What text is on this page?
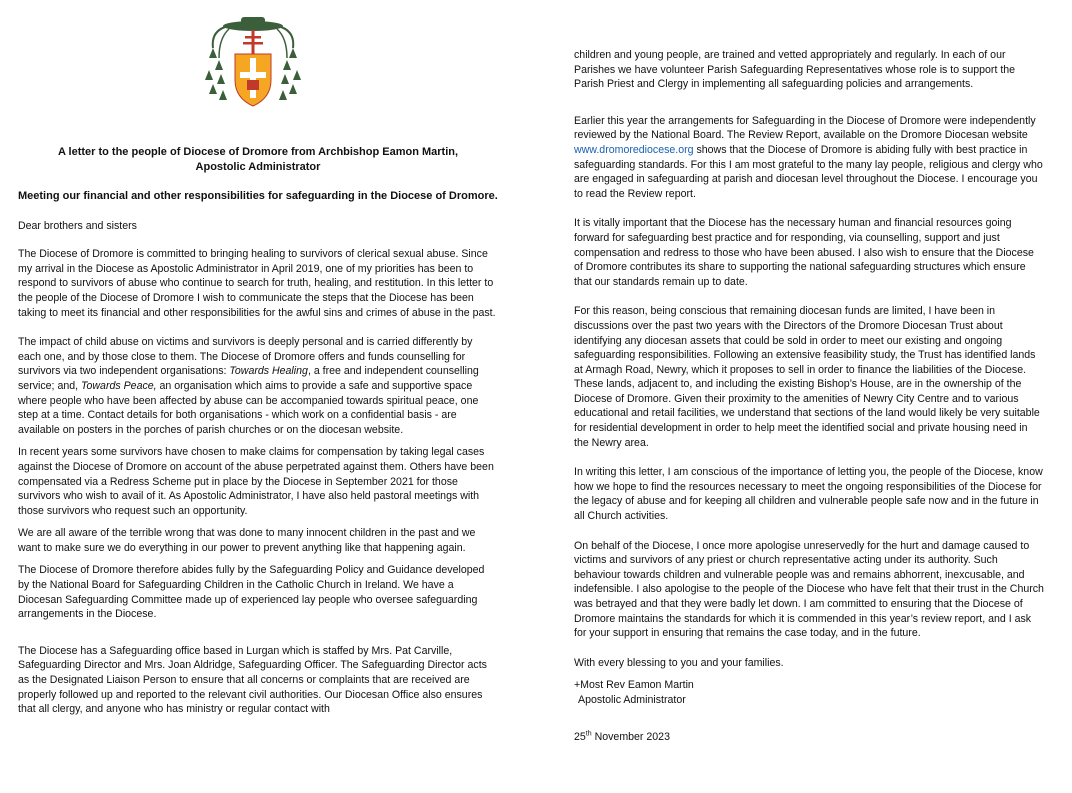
A letter to the people of Diocese of Dromore from Archbishop Eamon Martin,
Apostolic Administrator

Meeting our financial and other responsibilities for safeguarding in the Diocese of Dromore.

Dear brothers and sisters

The Diocese of Dromore is committed to bringing healing to survivors of clerical sexual abuse. Since my arrival in the Diocese as Apostolic Administrator in April 2019, one of my priorities has been to respond to survivors of abuse who continue to search for truth, healing, and restitution. In this letter to the people of the Diocese of Dromore I wish to communicate the steps that the Diocese has been taking to meet its financial and other responsibilities for the awful sins and crimes of abuse in the past.

The impact of child abuse on victims and survivors is deeply personal and is carried differently by each one, and by those close to them. The Diocese of Dromore offers and funds counselling for survivors via two independent organisations: Towards Healing, a free and independent counselling service; and, Towards Peace, an organisation which aims to provide a safe and supportive space where people who have been affected by abuse can be accompanied towards spiritual peace, one step at a time. Contact details for both organisations - which work on a confidential basis - are available on posters in the porches of parish churches or on the diocesan website.

In recent years some survivors have chosen to make claims for compensation by taking legal cases against the Diocese of Dromore on account of the abuse perpetrated against them. Others have been compensated via a Redress Scheme put in place by the Diocese in September 2021 for those survivors who wish to avail of it. As Apostolic Administrator, I have also held pastoral meetings with those survivors who request such an opportunity.

We are all aware of the terrible wrong that was done to many innocent children in the past and we want to make sure we do everything in our power to prevent anything like that happening again.

The Diocese of Dromore therefore abides fully by the Safeguarding Policy and Guidance developed by the National Board for Safeguarding Children in the Catholic Church in Ireland. We have a Diocesan Safeguarding Committee made up of experienced lay people who oversee safeguarding arrangements in the Diocese.

The Diocese has a Safeguarding office based in Lurgan which is staffed by Mrs. Pat Carville, Safeguarding Director and Mrs. Joan Aldridge, Safeguarding Officer. The Safeguarding Director acts as the Designated Liaison Person to ensure that all concerns or complaints that are received are properly followed up and reported to the relevant civil authorities. Our Diocesan Office also ensures that all clergy, and anyone who has ministry or regular contact with

children and young people, are trained and vetted appropriately and regularly. In each of our Parishes we have volunteer Parish Safeguarding Representatives whose role is to support the Parish Priest and Clergy in implementing all safeguarding policies and arrangements.

Earlier this year the arrangements for Safeguarding in the Diocese of Dromore were independently reviewed by the National Board. The Review Report, available on the Dromore Diocesan website www.dromorediocese.org shows that the Diocese of Dromore is abiding fully with best practice in safeguarding standards. For this I am most grateful to the many lay people, religious and clergy who are engaged in safeguarding at parish and diocesan level throughout the Diocese. I encourage you to read the Review report.

It is vitally important that the Diocese has the necessary human and financial resources going forward for safeguarding best practice and for responding, via counselling, support and just compensation and redress to those who have been abused. I also wish to ensure that the Diocese of Dromore contributes its share to supporting the national safeguarding structures which ensure that our standards remain up to date.

For this reason, being conscious that remaining diocesan funds are limited, I have been in discussions over the past two years with the Directors of the Dromore Diocesan Trust about identifying any diocesan assets that could be sold in order to meet our existing and ongoing safeguarding responsibilities. Following an extensive feasibility study, the Trust has identified lands at Armagh Road, Newry, which it proposes to sell in order to finance the liabilities of the Diocese. These lands, adjacent to, and including the existing Bishop’s House, are in the ownership of the Diocese of Dromore. Given their proximity to the amenities of Newry City Centre and to various educational and retail facilities, we understand that sections of the land would likely be very suitable for residential development in order to help meet the identified social and private housing need in the Newry area.

In writing this letter, I am conscious of the importance of letting you, the people of the Diocese, know how we hope to find the resources necessary to meet the ongoing responsibilities of the Diocese for the legacy of abuse and for keeping all children and vulnerable people safe now and in the future in all Church activities.

On behalf of the Diocese, I once more apologise unreservedly for the hurt and damage caused to victims and survivors of any priest or church representative acting under its authority. Such behaviour towards children and vulnerable people was and remains abhorrent, inexcusable, and indefensible. I also apologise to the people of the Diocese who have felt that their trust in the Church was betrayed and that they were badly let down. I am committed to ensuring that the Diocese of Dromore maintains the standards for which it is commended in this year’s review report, and I ask for your support in ensuring that remains the case today, and in the future.

With every blessing to you and your families.

+Most Rev Eamon Martin

Apostolic Administrator

25th November 2023
